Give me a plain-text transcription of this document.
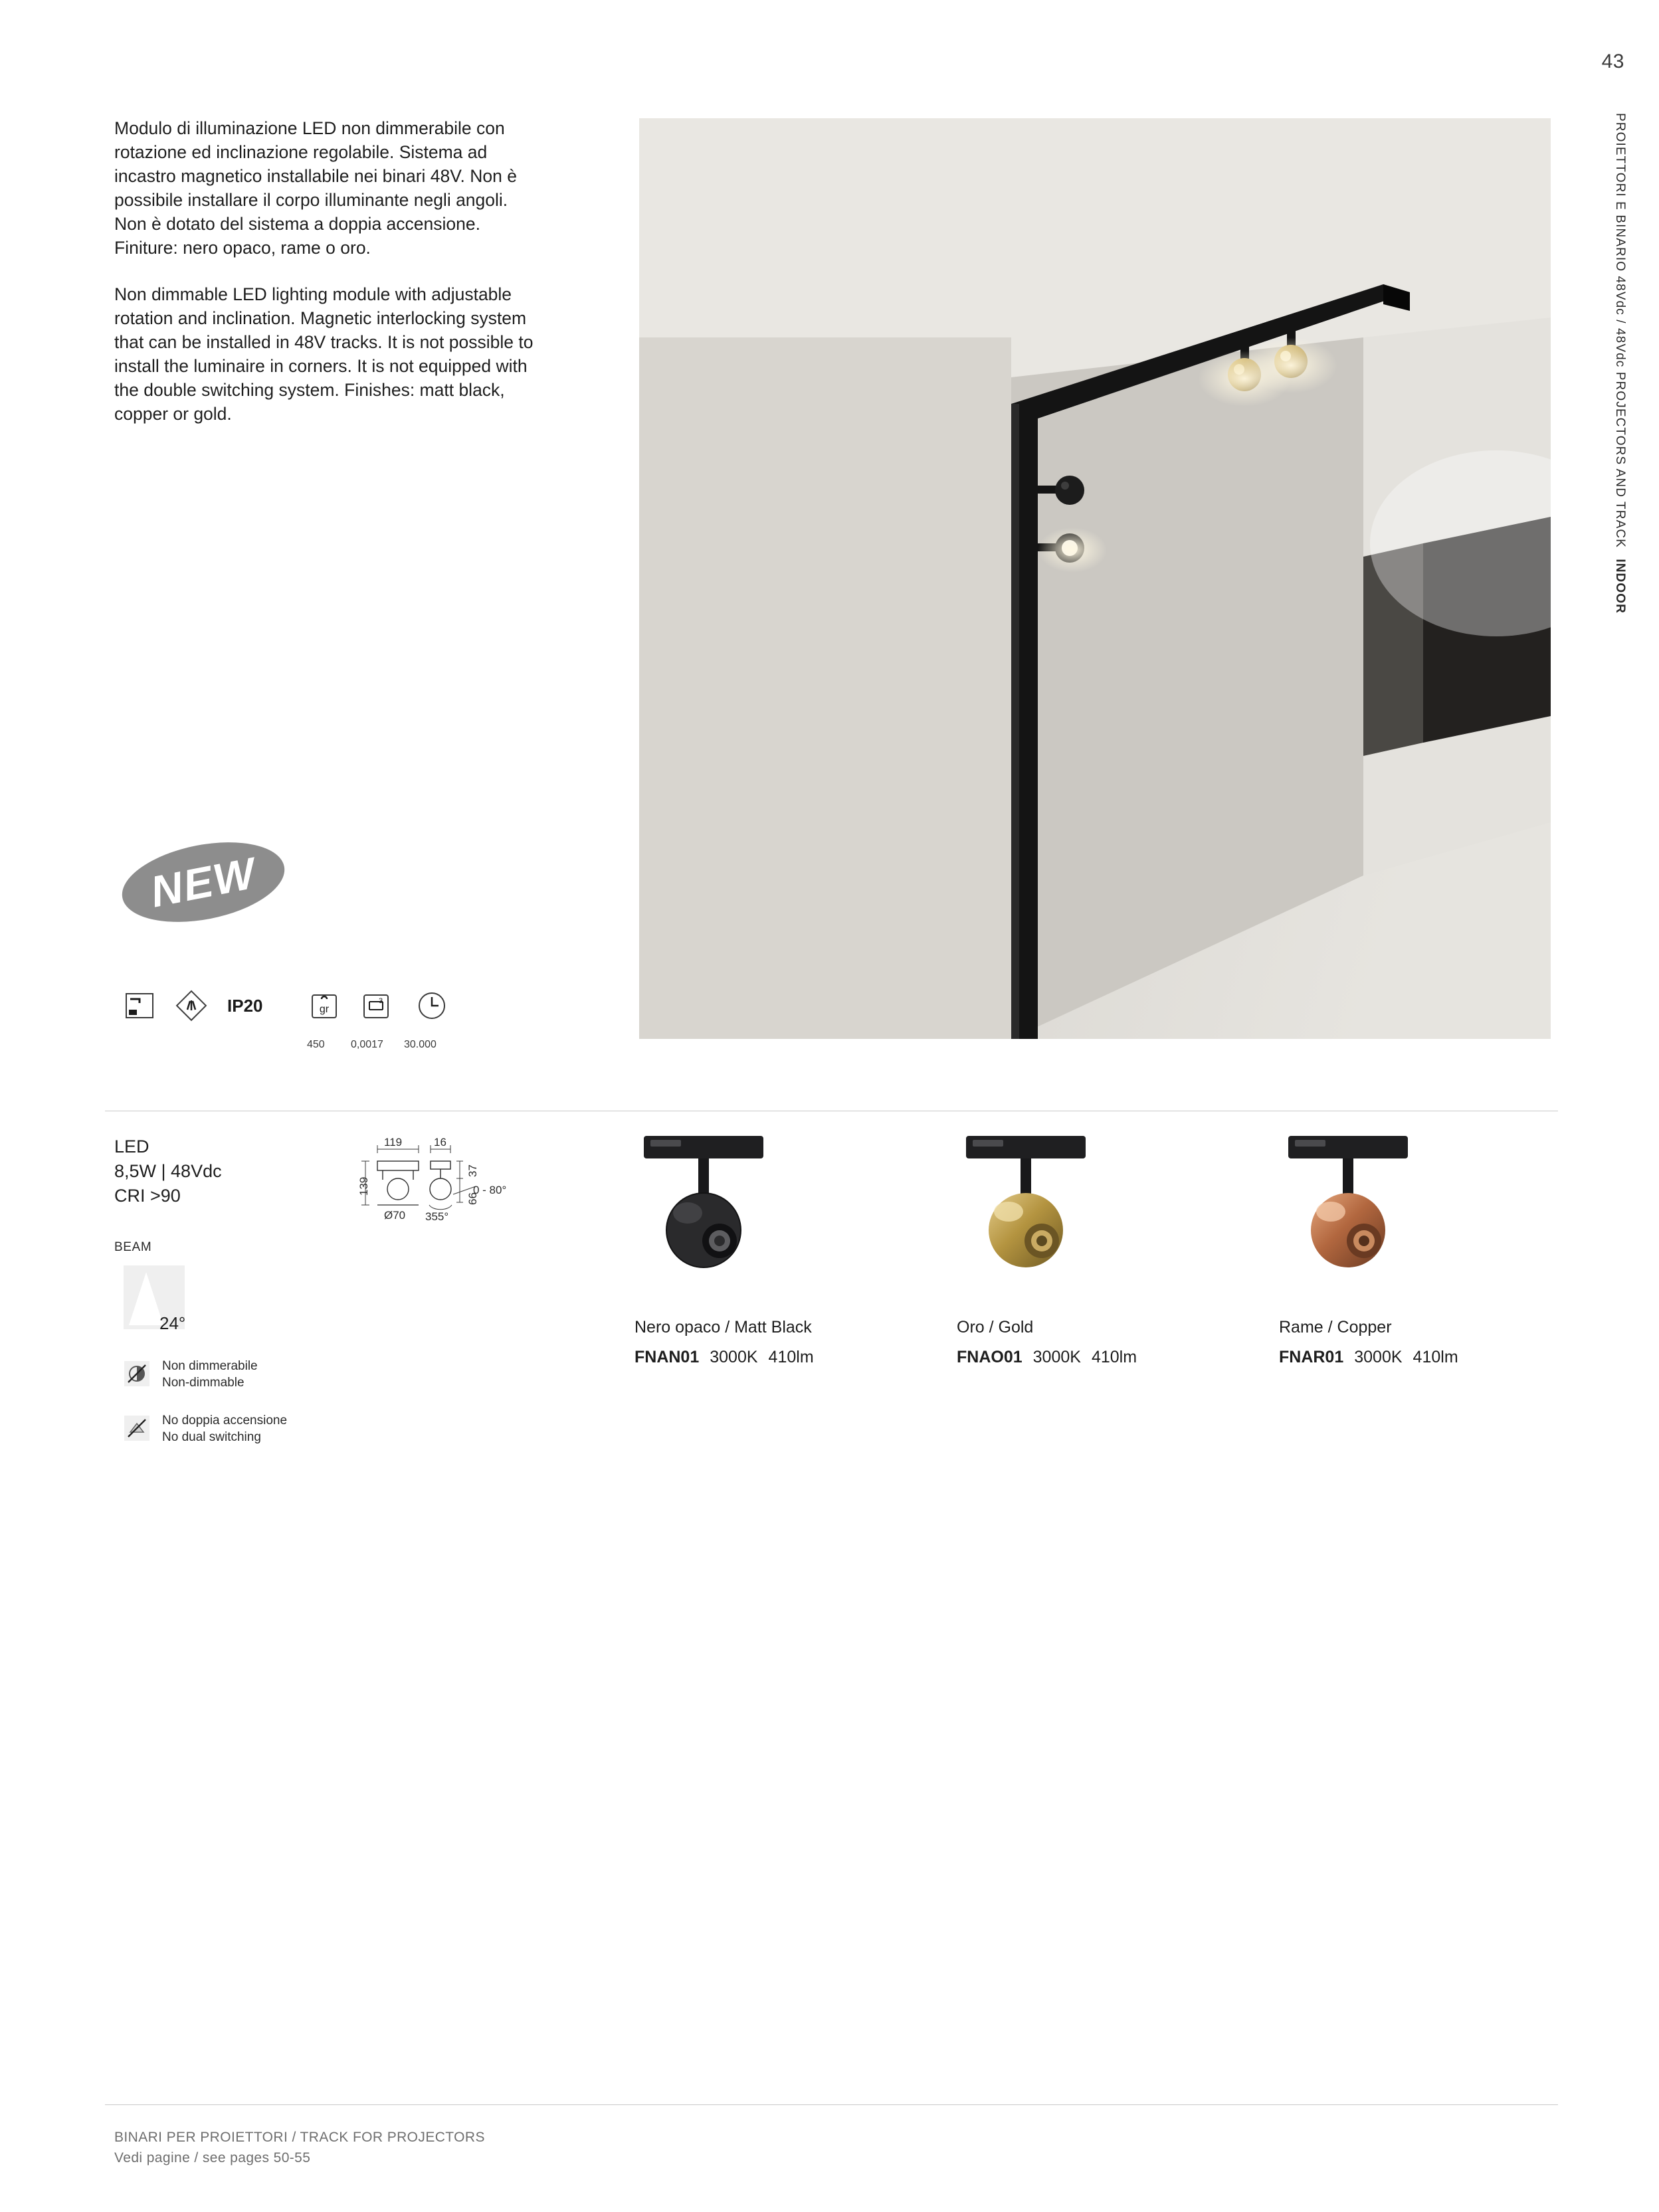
43
PROIETTORI E BINARIO 48Vdc / 48Vdc PROJECTORS AND TRACK INDOOR

Modulo di illuminazione LED non dimmerabile con rotazione ed inclinazione regolabile. Sistema ad incastro magnetico installabile nei binari 48V. Non è possibile installare il corpo illuminante negli angoli. Non è dotato del sistema a doppia accensione. Finiture: nero opaco, rame o oro.

Non dimmable LED lighting module with adjustable rotation and inclination. Magnetic interlocking system that can be installed in 48V tracks. It is not possible to install the luminaire in corners. It is not equipped with the double switching system. Finishes: matt black, copper or gold.

NEW
IP20	gr
450
3
0,0017 30.000
LED
8,5W | 48Vdc
CRI >90
BEAM
24°
Non dimmerabile
Non-dimmable
No doppia accensione
No dual switching
119	16
139
37
66
Ø70 355°
0 - 80°
Nero opaco / Matt Black
FNAN01 3000K 410lm
Oro / Gold
FNAO01 3000K 410lm
Rame / Copper
FNAR01 3000K 410lm
BINARI PER PROIETTORI / TRACK FOR PROJECTORS
Vedi pagine / see pages 50-55
